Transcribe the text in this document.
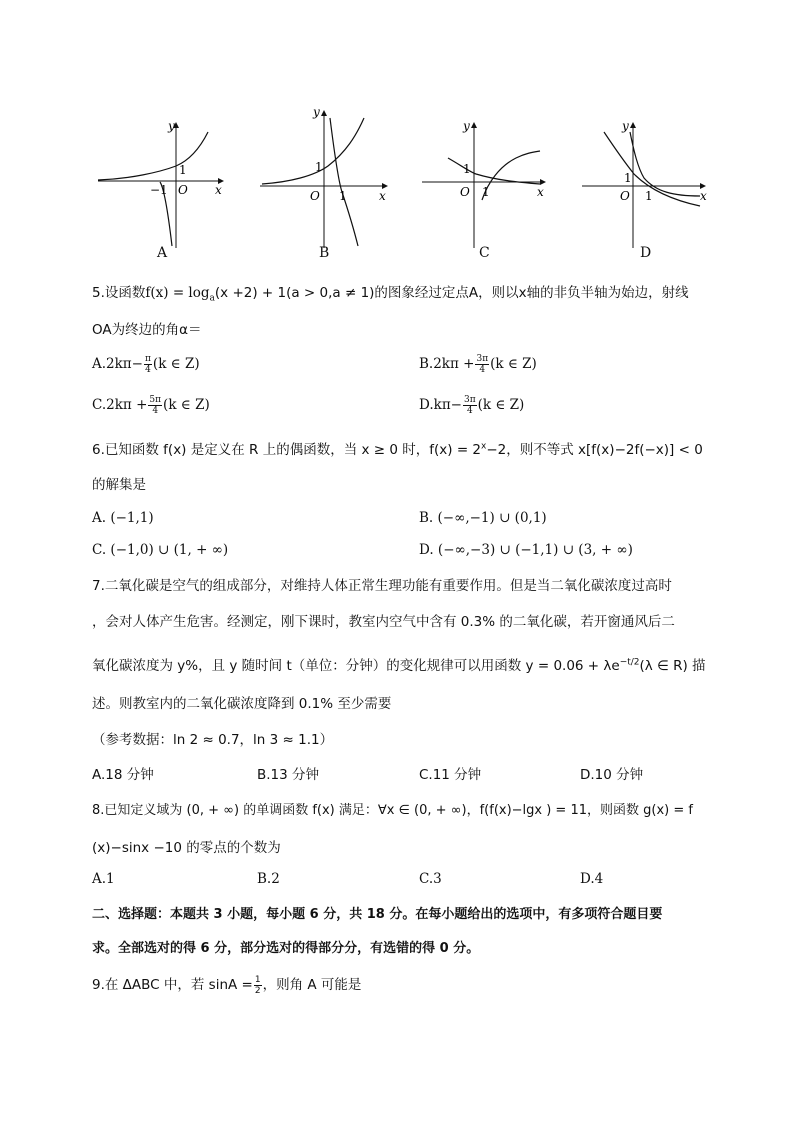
y
x
O
−1
1
y
x
O
1
1
y
x
O
1
1
y
x
O
1
1
A	B	C	D
5.设函数$f(x) = \log_a(x +2) + 1(a > 0,a \ne 1)$的图象经过定点A，则以x轴的非负半轴为始边，射线
OA为终边的角α＝
$A.2k\pi- \frac{\pi}{4} (k$ ∈ Z)	$B.2k\pi + \frac{3\pi}{4} (k$ ∈ Z)
$C.2k\pi + \frac{5\pi}{4} (k$ ∈ Z)	$D.k\pi- \frac{3\pi}{4} (k$ ∈ Z)
6.已知函数 f(x) 是定义在 R 上的偶函数，当 x ≥ 0 时，$f(x) = 2^x-2$，则不等式 x[f(x)−2f(−x)] < 0
的解集是
A. (−1,1)	B. (−∞,−1) ∪ (0,1)
C. (−1,0) ∪ (1, + ∞)	D. (−∞,−3) ∪ (−1,1) ∪ (3, + ∞)
7.二氧化碳是空气的组成部分，对维持人体正常生理功能有重要作用。但是当二氧化碳浓度过高时
，会对人体产生危害。经测定，刚下课时，教室内空气中含有 0.3% 的二氧化碳，若开窗通风后二
氧化碳浓度为 y%，且 y 随时间 t（单位：分钟）的变化规律可以用函数 $y = 0.06 + \lambda e^{-t/2}(\lambda$ ∈ R) 描
述。则教室内的二氧化碳浓度降到 0.1% 至少需要
（参考数据：ln 2 ≈ 0.7，ln 3 ≈ 1.1）
A.18 分钟	B.13 分钟	C.11 分钟	D.10 分钟
8.已知定义域为 (0, + ∞) 的单调函数 f(x) 满足：∀x ∈ (0, + ∞)，f(f(x)−lgx ) = 11，则函数 g(x) = f
(x)−sinx −10 的零点的个数为
A.1	B.2	C.3	D.4
二、选择题：本题共 3 小题，每小题 6 分，共 18 分。在每小题给出的选项中，有多项符合题目要
求。全部选对的得 6 分，部分选对的得部分分，有选错的得 0 分。
9.在 ΔABC 中，若 $\sin A = \frac{1}{2}$ ，则角 A 可能是
